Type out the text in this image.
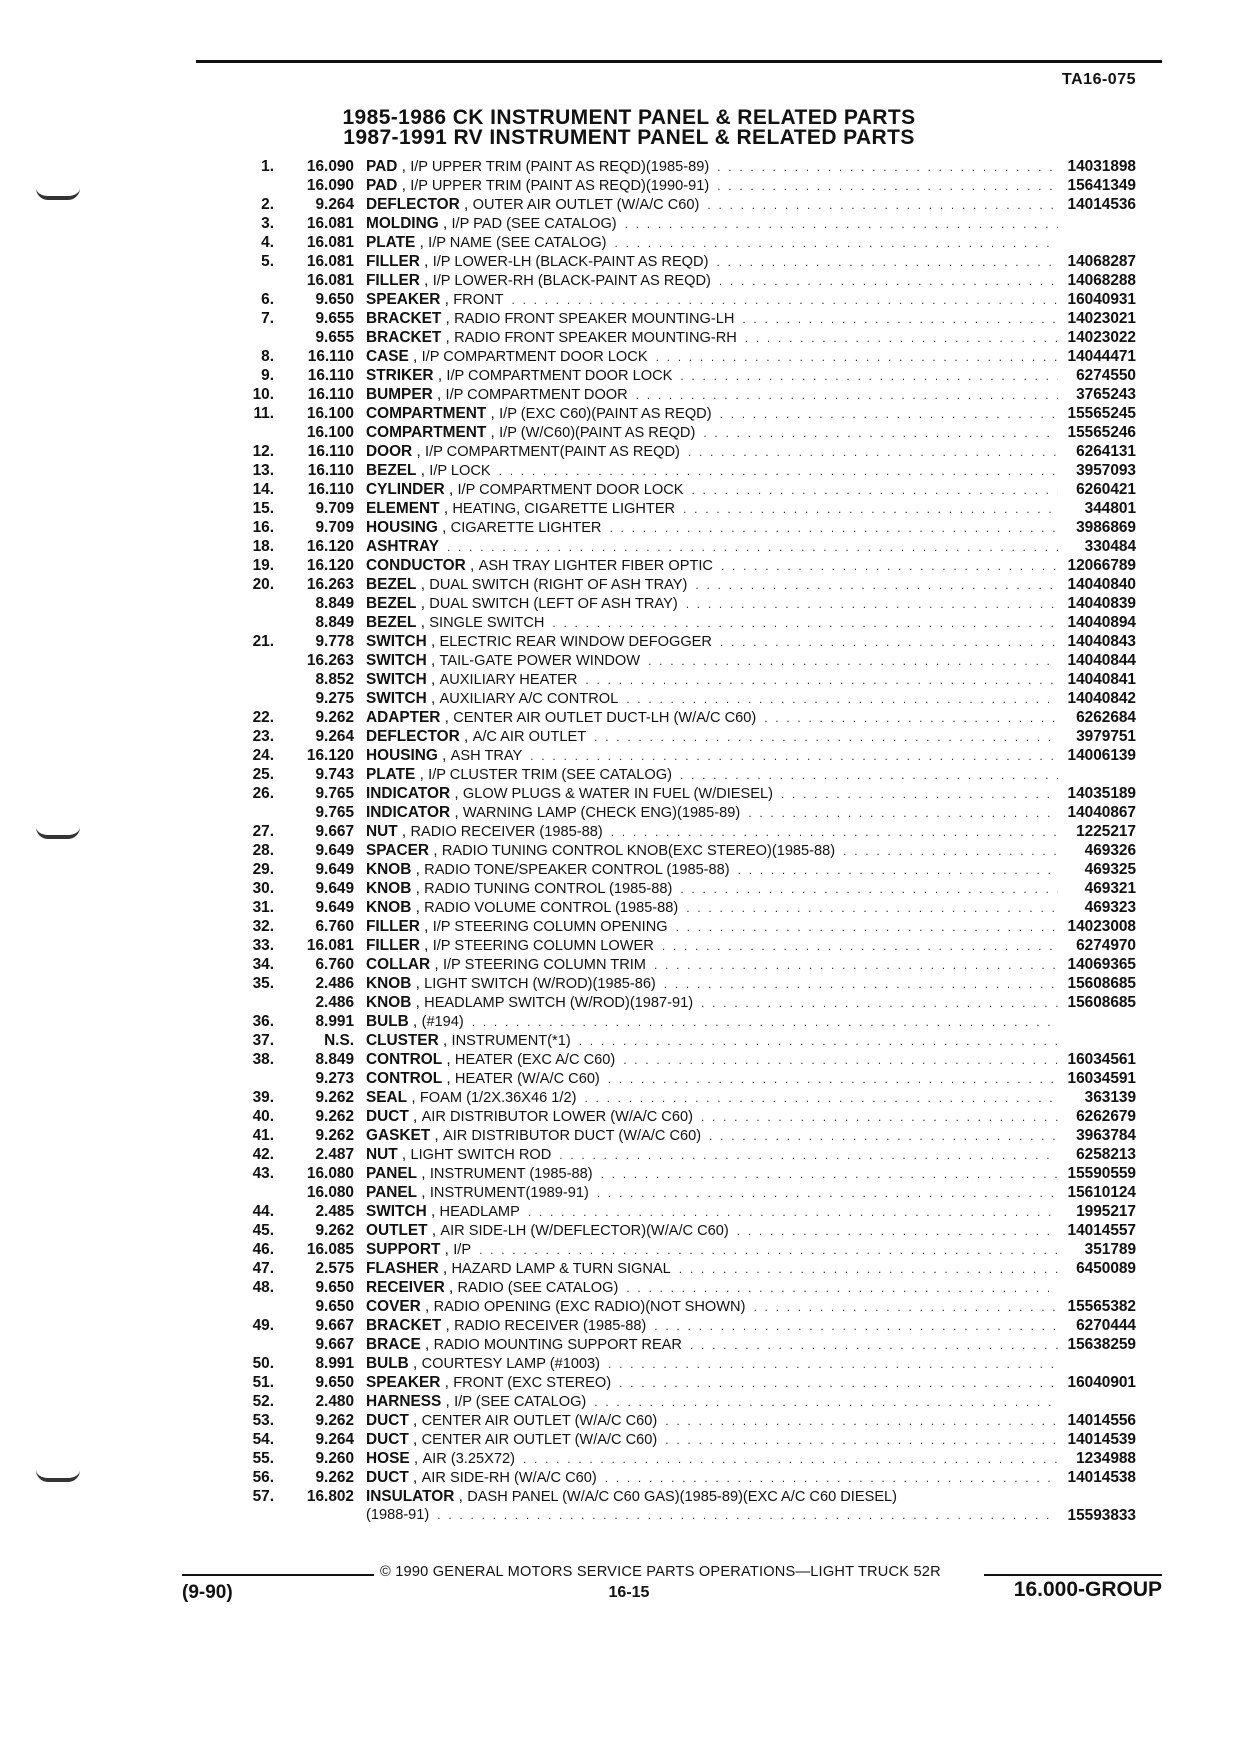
TA16-075
1985-1986 CK INSTRUMENT PANEL & RELATED PARTS
1987-1991 RV INSTRUMENT PANEL & RELATED PARTS
1.	16.090 PAD , I/P UPPER TRIM (PAINT AS REQD)(1985-89) . . .	14031898
16.090 PAD , I/P UPPER TRIM (PAINT AS REQD)(1990-91) . . .	15641349
2.	9.264 DEFLECTOR , OUTER AIR OUTLET (W/A/C C60) . . .	14014536
3.	16.081 MOLDING , I/P PAD (SEE CATALOG)
. . .
4.	16.081 PLATE , I/P NAME (SEE CATALOG)
. . .
5.	16.081 FILLER , I/P LOWER-LH (BLACK-PAINT AS REQD) . . .	14068287
16.081 FILLER , I/P LOWER-RH (BLACK-PAINT AS REQD) . . .	14068288
6.	9.650 SPEAKER , FRONT . . .	16040931
7.	9.655 BRACKET , RADIO FRONT SPEAKER MOUNTING-LH . . .	14023021
9.655 BRACKET , RADIO FRONT SPEAKER MOUNTING-RH . . .	14023022
8.	16.110 CASE , I/P COMPARTMENT DOOR LOCK . . .	14044471
9.	16.110 STRIKER , I/P COMPARTMENT DOOR LOCK . . .	6274550
10.	16.110 BUMPER , I/P COMPARTMENT DOOR . . .	3765243
11.	16.100 COMPARTMENT , I/P (EXC C60)(PAINT AS REQD) . . .	15565245
16.100 COMPARTMENT , I/P (W/C60)(PAINT AS REQD) . . .	15565246
12.	16.110 DOOR , I/P COMPARTMENT(PAINT AS REQD) . . .	6264131
13.	16.110 BEZEL , I/P LOCK . . .	3957093
14.	16.110 CYLINDER , I/P COMPARTMENT DOOR LOCK . . .	6260421
15.	9.709 ELEMENT , HEATING, CIGARETTE LIGHTER . . .	344801
16.	9.709 HOUSING , CIGARETTE LIGHTER . . .	3986869
18.	16.120 ASHTRAY . . .	330484
19.	16.120 CONDUCTOR , ASH TRAY LIGHTER FIBER OPTIC . . .	12066789
20.	16.263 BEZEL , DUAL SWITCH (RIGHT OF ASH TRAY) . . .	14040840
8.849 BEZEL , DUAL SWITCH (LEFT OF ASH TRAY) . . .	14040839
8.849 BEZEL , SINGLE SWITCH . . .	14040894
21.	9.778 SWITCH , ELECTRIC REAR WINDOW DEFOGGER . . .	14040843
16.263 SWITCH , TAIL-GATE POWER WINDOW . . .	14040844
8.852 SWITCH , AUXILIARY HEATER . . .	14040841
9.275 SWITCH , AUXILIARY A/C CONTROL . . .	14040842
22.	9.262 ADAPTER , CENTER AIR OUTLET DUCT-LH (W/A/C C60) . . .	6262684
23.	9.264 DEFLECTOR , A/C AIR OUTLET . . .	3979751
24.	16.120 HOUSING , ASH TRAY . . .	14006139
25.	9.743 PLATE , I/P CLUSTER TRIM (SEE CATALOG)
. . .
26.	9.765 INDICATOR , GLOW PLUGS & WATER IN FUEL (W/DIESEL) . . .	14035189
9.765 INDICATOR , WARNING LAMP (CHECK ENG)(1985-89) . . .	14040867
27.	9.667 NUT , RADIO RECEIVER (1985-88) . . .	1225217
28.	9.649 SPACER , RADIO TUNING CONTROL KNOB(EXC STEREO)(1985-88) . . .	469326
29.	9.649 KNOB , RADIO TONE/SPEAKER CONTROL (1985-88) . . .	469325
30.	9.649 KNOB , RADIO TUNING CONTROL (1985-88) . . .	469321
31.	9.649 KNOB , RADIO VOLUME CONTROL (1985-88) . . .	469323
32.	6.760 FILLER , I/P STEERING COLUMN OPENING . . .	14023008
33.	16.081 FILLER , I/P STEERING COLUMN LOWER . . .	6274970
34.	6.760 COLLAR , I/P STEERING COLUMN TRIM . . .	14069365
35.	2.486 KNOB , LIGHT SWITCH (W/ROD)(1985-86) . . .	15608685
2.486 KNOB , HEADLAMP SWITCH (W/ROD)(1987-91) . . .	15608685
36.	8.991 BULB , (#194)
. . .
37.	N.S. CLUSTER , INSTRUMENT(*1)
. . .
38.	8.849 CONTROL , HEATER (EXC A/C C60) . . .	16034561
9.273 CONTROL , HEATER (W/A/C C60) . . .	16034591
39.	9.262 SEAL , FOAM (1/2X.36X46 1/2) . . .	363139
40.	9.262 DUCT , AIR DISTRIBUTOR LOWER (W/A/C C60) . . .	6262679
41.	9.262 GASKET , AIR DISTRIBUTOR DUCT (W/A/C C60) . . .	3963784
42.	2.487 NUT , LIGHT SWITCH ROD . . .	6258213
43.	16.080 PANEL , INSTRUMENT (1985-88) . . .	15590559
16.080 PANEL , INSTRUMENT(1989-91) . . .	15610124
44.	2.485 SWITCH , HEADLAMP . . .	1995217
45.	9.262 OUTLET , AIR SIDE-LH (W/DEFLECTOR)(W/A/C C60) . . .	14014557
46.	16.085 SUPPORT , I/P . . .	351789
47.	2.575 FLASHER , HAZARD LAMP & TURN SIGNAL . . .	6450089
48.	9.650 RECEIVER , RADIO (SEE CATALOG)
. . .
9.650 COVER , RADIO OPENING (EXC RADIO)(NOT SHOWN) . . .	15565382
49.	9.667 BRACKET , RADIO RECEIVER (1985-88) . . .	6270444
9.667 BRACE , RADIO MOUNTING SUPPORT REAR . . .	15638259
50.	8.991 BULB , COURTESY LAMP (#1003)
. . .
51.	9.650 SPEAKER , FRONT (EXC STEREO) . . .	16040901
52.	2.480 HARNESS , I/P (SEE CATALOG)
. . .
53.	9.262 DUCT , CENTER AIR OUTLET (W/A/C C60) . . .	14014556
54.	9.264 DUCT , CENTER AIR OUTLET (W/A/C C60) . . .	14014539
55.	9.260 HOSE , AIR (3.25X72) . . .	1234988
56.	9.262 DUCT , AIR SIDE-RH (W/A/C C60) . . .	14014538
57.	16.802 INSULATOR , DASH PANEL (W/A/C C60 GAS)(1985-89)(EXC A/C C60 DIESEL)
(1988-91) . . .	15593833
© 1990 GENERAL MOTORS SERVICE PARTS OPERATIONS—LIGHT TRUCK 52R
(9-90)	16-15	16.000-GROUP
